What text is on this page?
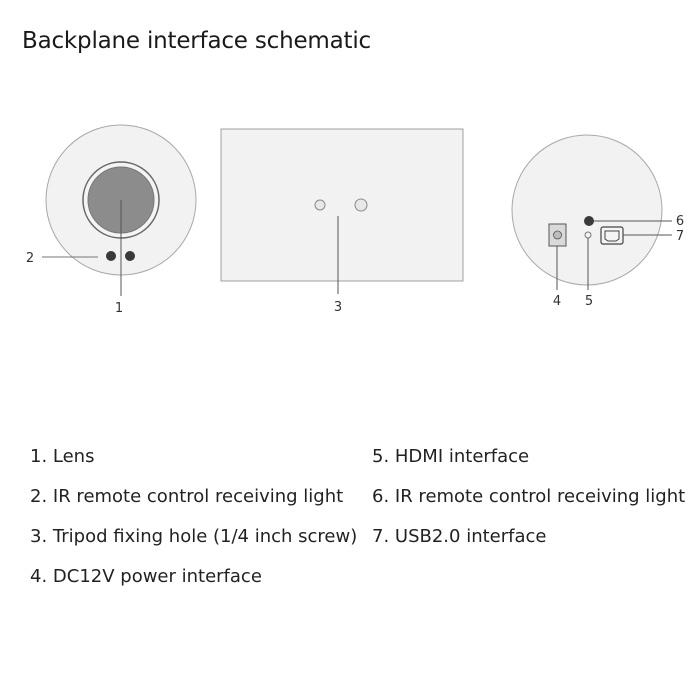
Backplane interface schematic
1
2
3	4 5
6
7
1. Lens
2. IR remote control receiving light
3. Tripod fixing hole (1/4 inch screw)
4. DC12V power interface
5. HDMI interface
6. IR remote control receiving light
7. USB2.0 interface
